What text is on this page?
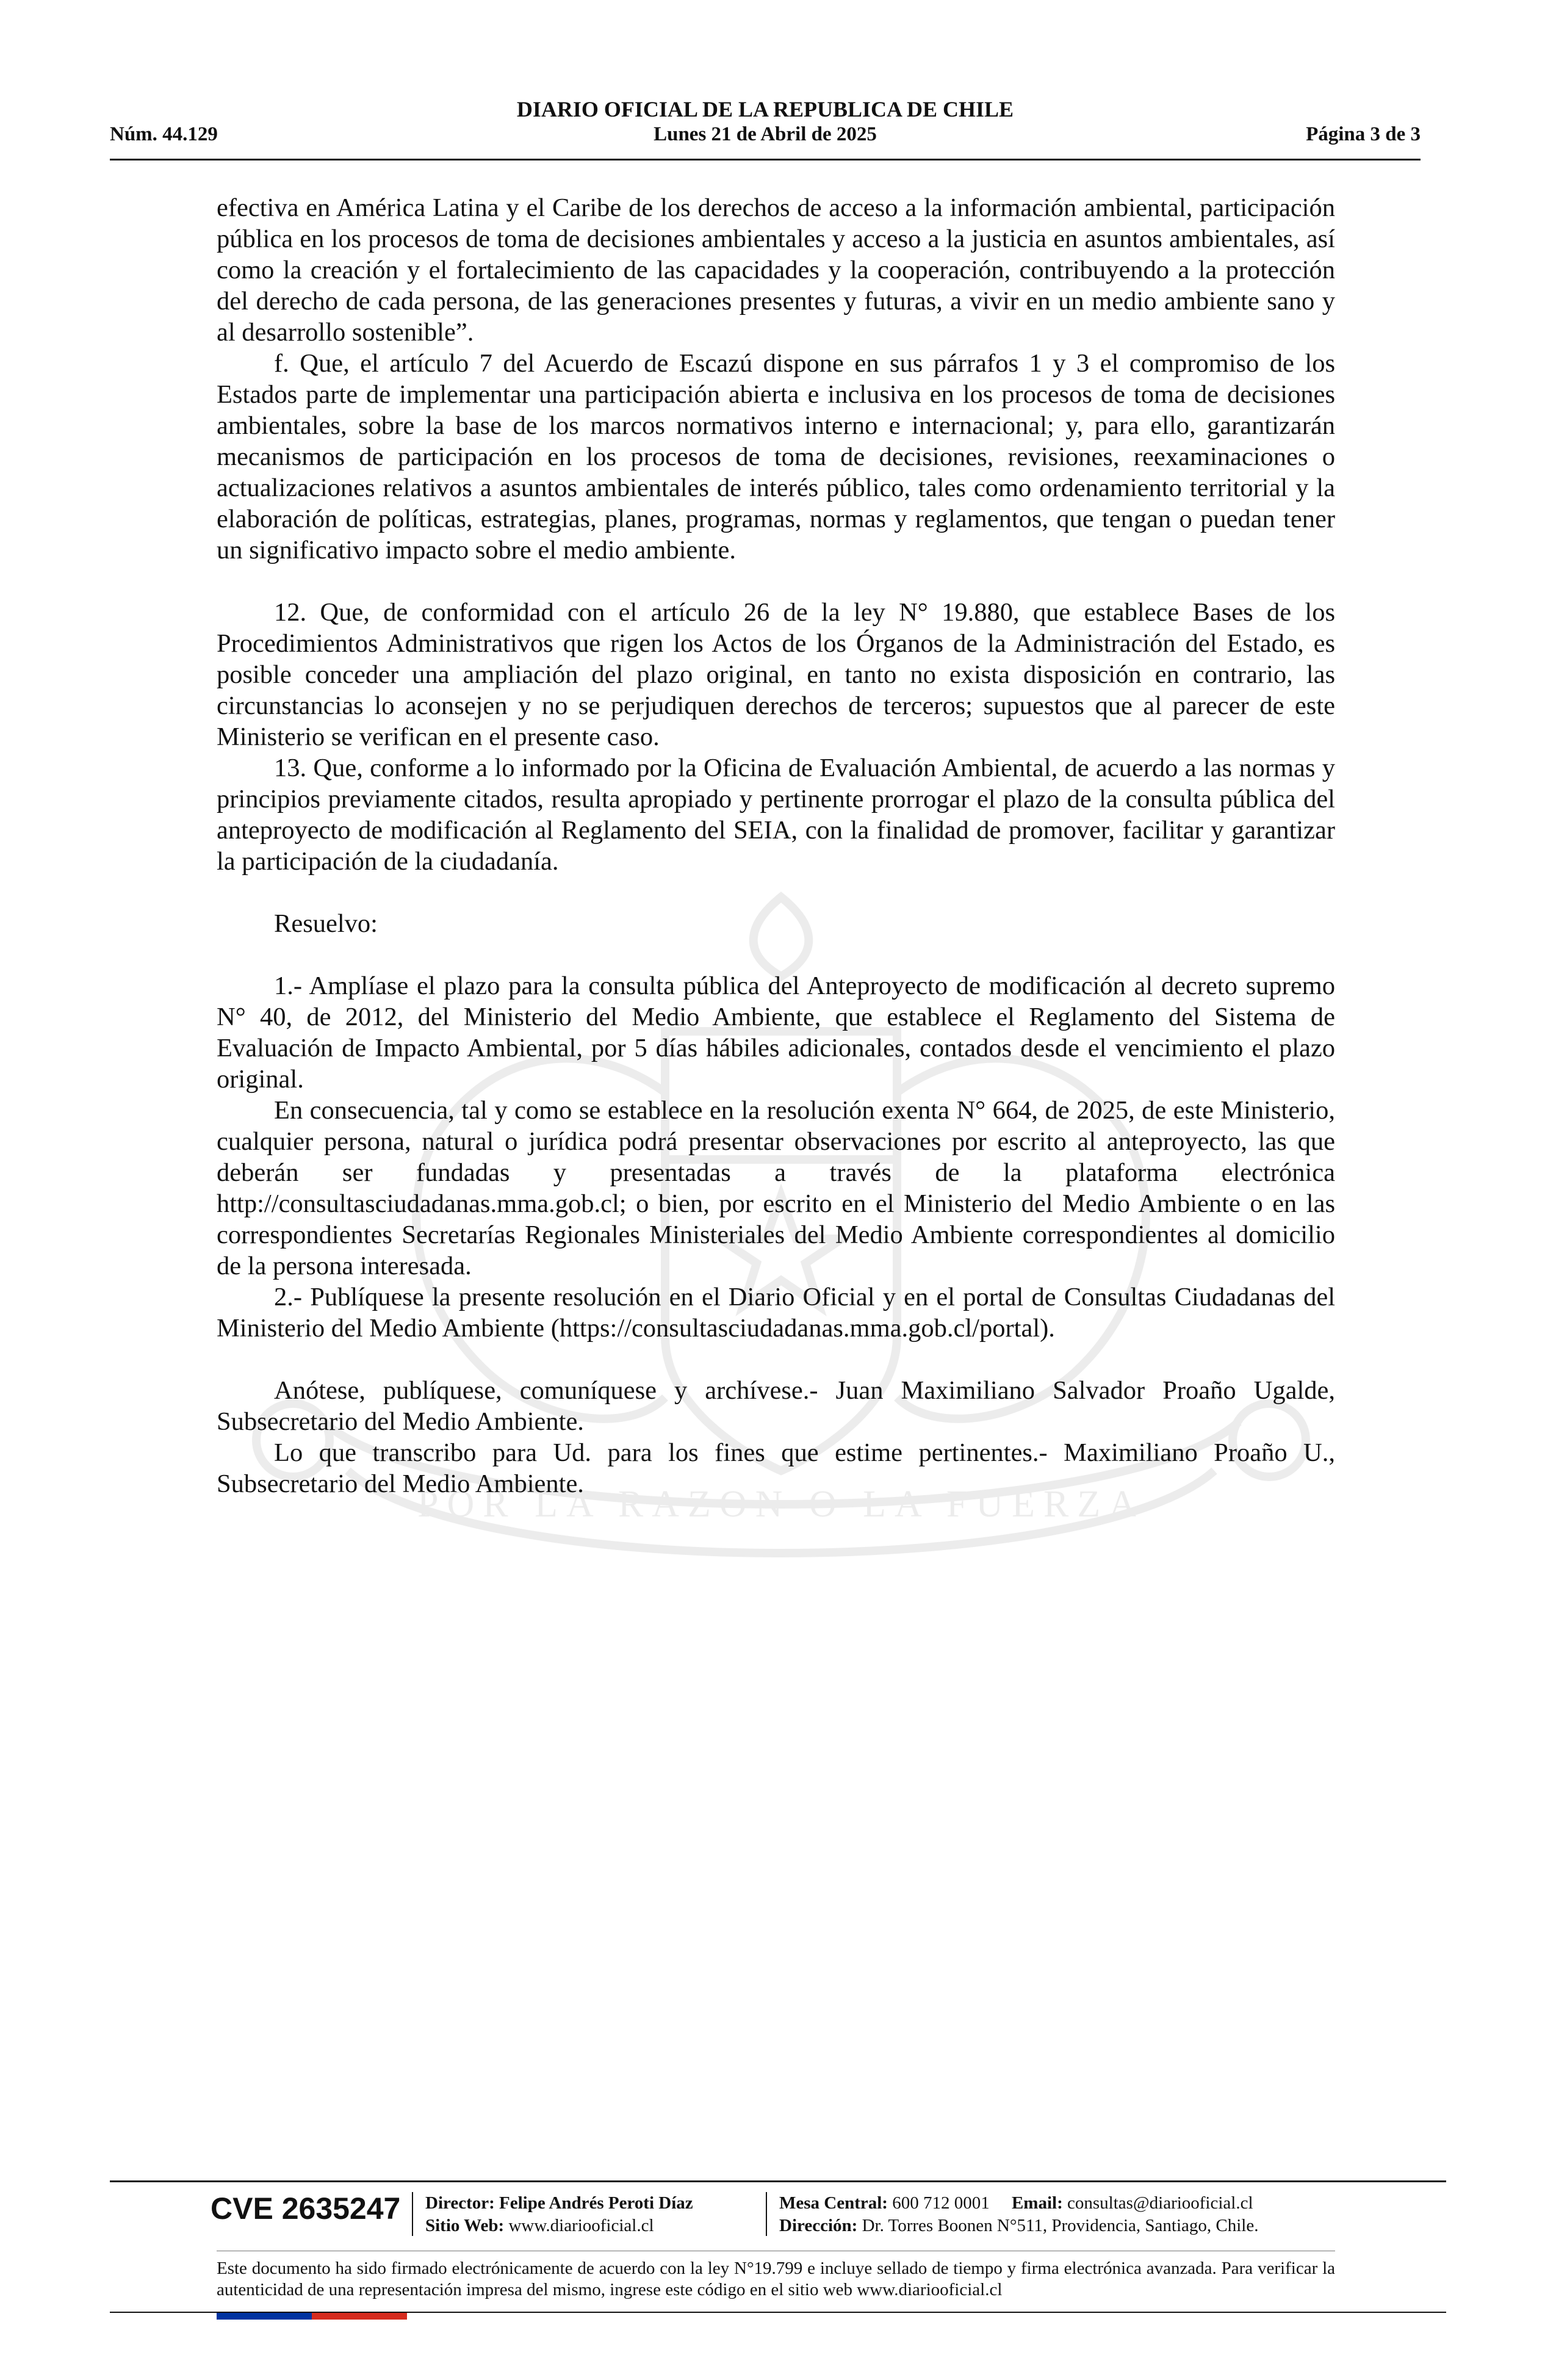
POR LA RAZON O LA FUERZA
DIARIO OFICIAL DE LA REPUBLICA DE CHILE
Núm. 44.129	Lunes 21 de Abril de 2025	Página 3 de 3

efectiva en América Latina y el Caribe de los derechos de acceso a la información ambiental, participación pública en los procesos de toma de decisiones ambientales y acceso a la justicia en asuntos ambientales, así como la creación y el fortalecimiento de las capacidades y la cooperación, contribuyendo a la protección del derecho de cada persona, de las generaciones presentes y futuras, a vivir en un medio ambiente sano y al desarrollo sostenible”.

f. Que, el artículo 7 del Acuerdo de Escazú dispone en sus párrafos 1 y 3 el compromiso de los Estados parte de implementar una participación abierta e inclusiva en los procesos de toma de decisiones ambientales, sobre la base de los marcos normativos interno e internacional; y, para ello, garantizarán mecanismos de participación en los procesos de toma de decisiones, revisiones, reexaminaciones o actualizaciones relativos a asuntos ambientales de interés público, tales como ordenamiento territorial y la elaboración de políticas, estrategias, planes, programas, normas y reglamentos, que tengan o puedan tener un significativo impacto sobre el medio ambiente.

12. Que, de conformidad con el artículo 26 de la ley N° 19.880, que establece Bases de los Procedimientos Administrativos que rigen los Actos de los Órganos de la Administración del Estado, es posible conceder una ampliación del plazo original, en tanto no exista disposición en contrario, las circunstancias lo aconsejen y no se perjudiquen derechos de terceros; supuestos que al parecer de este Ministerio se verifican en el presente caso.

13. Que, conforme a lo informado por la Oficina de Evaluación Ambiental, de acuerdo a las normas y principios previamente citados, resulta apropiado y pertinente prorrogar el plazo de la consulta pública del anteproyecto de modificación al Reglamento del SEIA, con la finalidad de promover, facilitar y garantizar la participación de la ciudadanía.

Resuelvo:

1.- Amplíase el plazo para la consulta pública del Anteproyecto de modificación al decreto supremo N° 40, de 2012, del Ministerio del Medio Ambiente, que establece el Reglamento del Sistema de Evaluación de Impacto Ambiental, por 5 días hábiles adicionales, contados desde el vencimiento el plazo original.

En consecuencia, tal y como se establece en la resolución exenta N° 664, de 2025, de este Ministerio, cualquier persona, natural o jurídica podrá presentar observaciones por escrito al anteproyecto, las que deberán ser fundadas y presentadas a través de la plataforma electrónica http://consultasciudadanas.mma.gob.cl; o bien, por escrito en el Ministerio del Medio Ambiente o en las correspondientes Secretarías Regionales Ministeriales del Medio Ambiente correspondientes al domicilio de la persona interesada.

2.- Publíquese la presente resolución en el Diario Oficial y en el portal de Consultas Ciudadanas del Ministerio del Medio Ambiente (https://consultasciudadanas.mma.gob.cl/portal).

Anótese, publíquese, comuníquese y archívese.- Juan Maximiliano Salvador Proaño Ugalde, Subsecretario del Medio Ambiente.

Lo que transcribo para Ud. para los fines que estime pertinentes.- Maximiliano Proaño U., Subsecretario del Medio Ambiente.

CVE 2635247 Director: Felipe Andrés Peroti Díaz
Sitio Web: www.diariooficial.cl
Mesa Central: 600 712 0001 Email: consultas@diariooficial.cl
Dirección: Dr. Torres Boonen N°511, Providencia, Santiago, Chile.
Este documento ha sido firmado electrónicamente de acuerdo con la ley N°19.799 e incluye sellado de tiempo y firma electrónica avanzada. Para verificar la autenticidad de una representación impresa del mismo, ingrese este código en el sitio web www.diariooficial.cl
